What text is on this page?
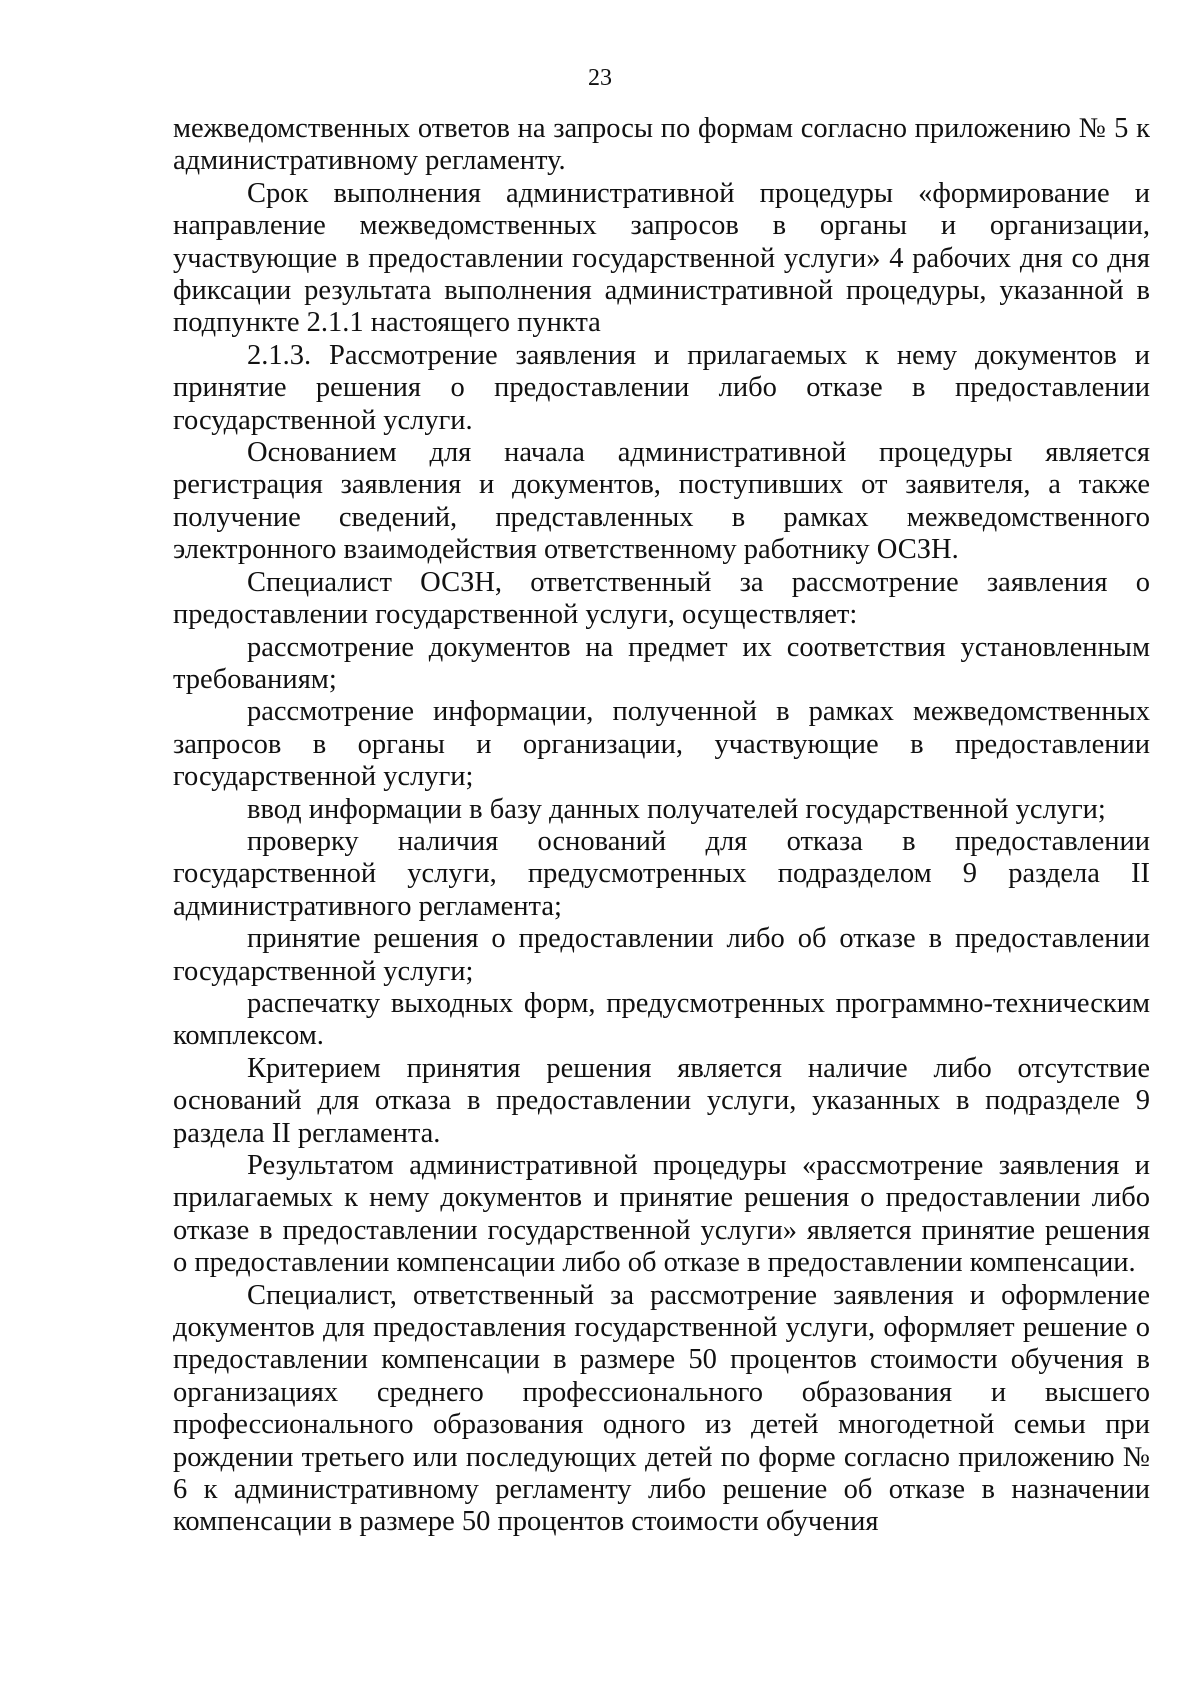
23

межведомственных ответов на запросы по формам согласно приложению № 5 к административному регламенту.

Срок выполнения административной процедуры «формирование и направление межведомственных запросов в органы и организации, участвующие в предоставлении государственной услуги» 4 рабочих дня со дня фиксации результата выполнения административной процедуры, указанной в подпункте 2.1.1 настоящего пункта

2.1.3. Рассмотрение заявления и прилагаемых к нему документов и принятие решения о предоставлении либо отказе в предоставлении государственной услуги.

Основанием для начала административной процедуры является регистрация заявления и документов, поступивших от заявителя, а также получение сведений, представленных в рамках межведомственного электронного взаимодействия ответственному работнику ОСЗН.

Специалист ОСЗН, ответственный за рассмотрение заявления о предоставлении государственной услуги, осуществляет:

рассмотрение документов на предмет их соответствия установленным требованиям;

рассмотрение информации, полученной в рамках межведомственных запросов в органы и организации, участвующие в предоставлении государственной услуги;

ввод информации в базу данных получателей государственной услуги;

проверку наличия оснований для отказа в предоставлении государственной услуги, предусмотренных подразделом 9 раздела II административного регламента;

принятие решения о предоставлении либо об отказе в предоставлении государственной услуги;

распечатку выходных форм, предусмотренных программно-техническим комплексом.

Критерием принятия решения является наличие либо отсутствие оснований для отказа в предоставлении услуги, указанных в подразделе 9 раздела II регламента.

Результатом административной процедуры «рассмотрение заявления и прилагаемых к нему документов и принятие решения о предоставлении либо отказе в предоставлении государственной услуги» является принятие решения о предоставлении компенсации либо об отказе в предоставлении компенсации.

Специалист, ответственный за рассмотрение заявления и оформление документов для предоставления государственной услуги, оформляет решение о предоставлении компенсации в размере 50 процентов стоимости обучения в организациях среднего профессионального образования и высшего профессионального образования одного из детей многодетной семьи при рождении третьего или последующих детей по форме согласно приложению № 6 к административному регламенту либо решение об отказе в назначении компенсации в размере 50 процентов стоимости обучения
